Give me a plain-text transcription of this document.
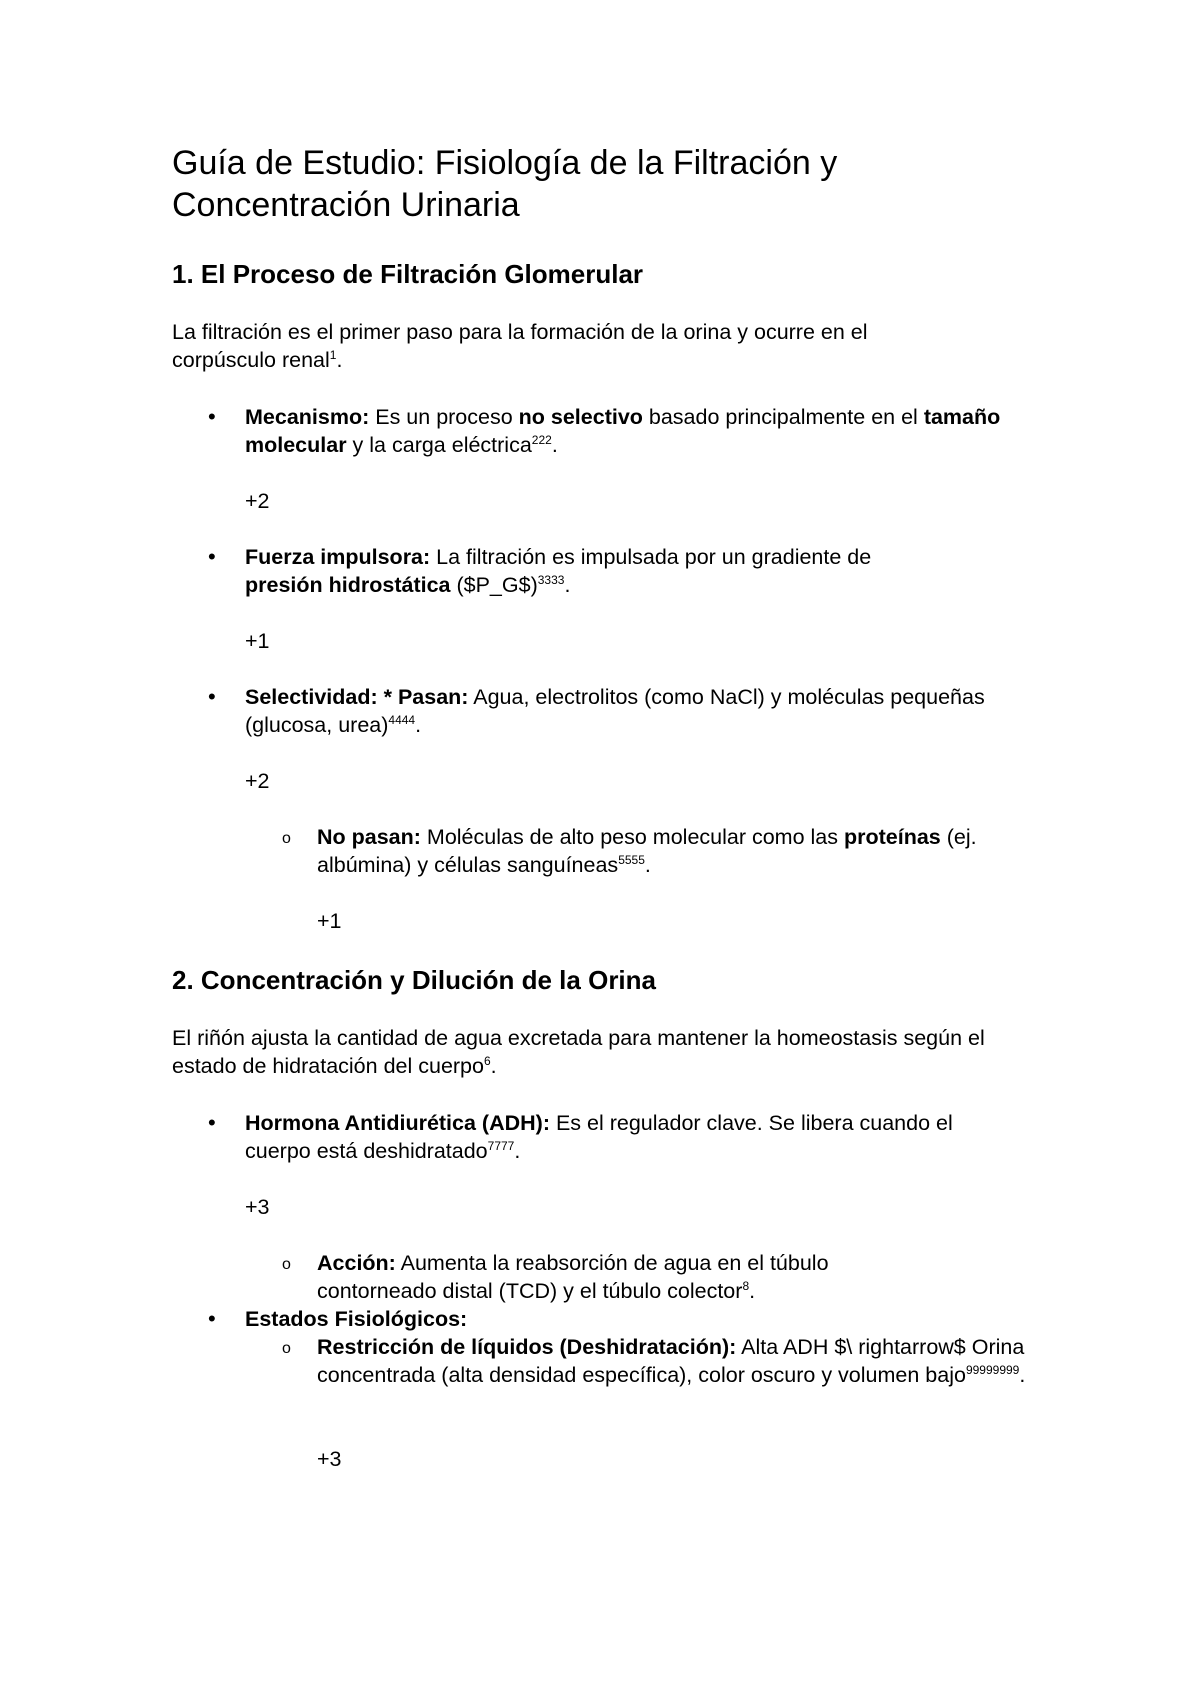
Guía de Estudio: Fisiología de la Filtración y Concentración Urinaria
1. El Proceso de Filtración Glomerular

La filtración es el primer paso para la formación de la orina y ocurre en el corpúsculo renal$^1$.

• Mecanismo: Es un proceso no selectivo basado principalmente en el tamaño molecular y la carga eléctrica$^{222}$.

+2
• Fuerza impulsora: La filtración es impulsada por un gradiente de presión hidrostática ($P_G$)$^{3333}$.

+1
• Selectividad: * Pasan: Agua, electrolitos (como NaCl) y moléculas pequeñas (glucosa, urea)$^{4444}$.

+2
o No pasan: Moléculas de alto peso molecular como las proteínas (ej. albúmina) y células sanguíneas$^{5555}$.

+1
2. Concentración y Dilución de la Orina

El riñón ajusta la cantidad de agua excretada para mantener la homeostasis según el estado de hidratación del cuerpo$^6$.

• Hormona Antidiurética (ADH): Es el regulador clave. Se libera cuando el cuerpo está deshidratado$^{7777}$.

+3
o Acción: Aumenta la reabsorción de agua en el túbulo contorneado distal (TCD) y el túbulo colector$^8$.

• Estados Fisiológicos:

o Restricción de líquidos (Deshidratación): Alta ADH $\ rightarrow$ Orina concentrada (alta densidad específica), color oscuro y volumen bajo$^{99999999}$.

+3
